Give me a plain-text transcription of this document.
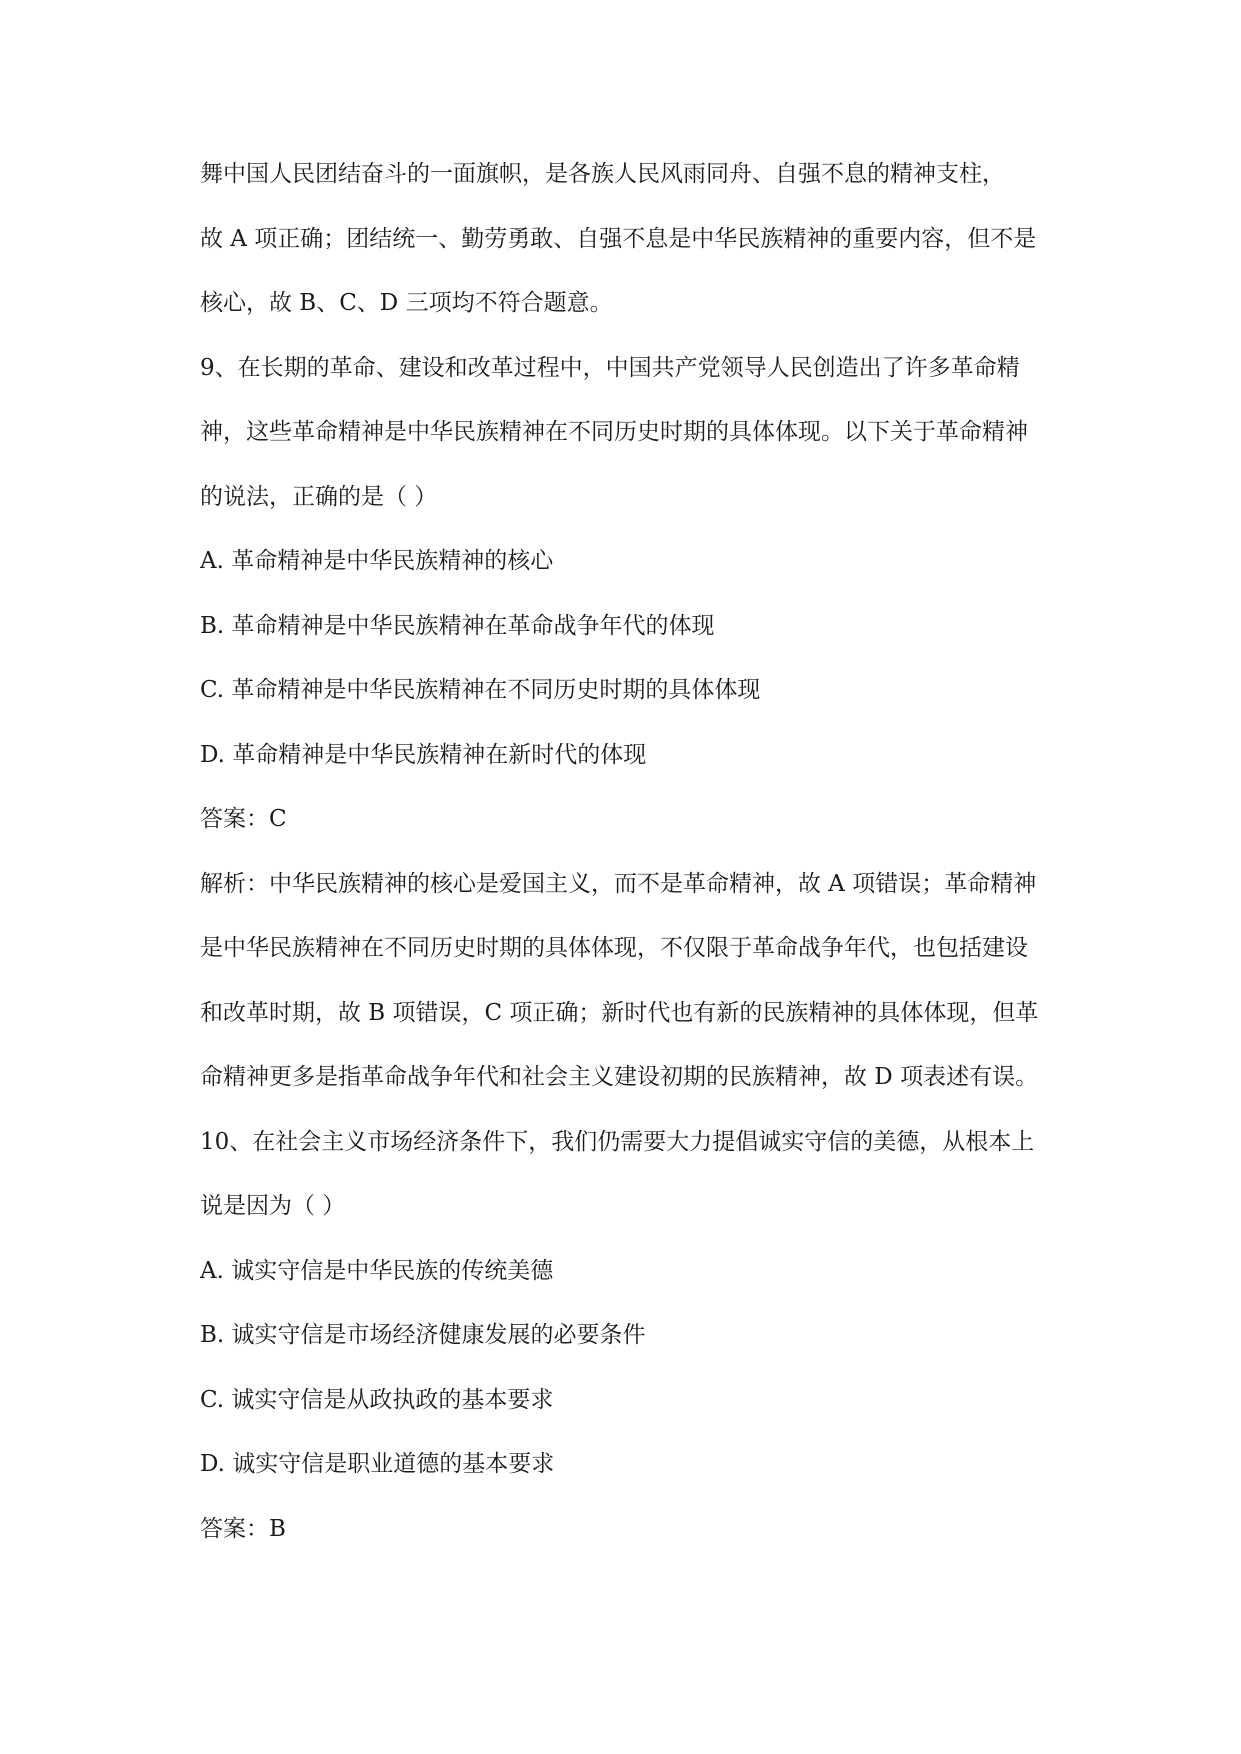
舞中国人民团结奋斗的一面旗帜，是各族人民风雨同舟、自强不息的精神支柱，
故 A 项正确；团结统一、勤劳勇敢、自强不息是中华民族精神的重要内容，但不是
核心，故 B、C、D 三项均不符合题意。
9、在长期的革命、建设和改革过程中，中国共产党领导人民创造出了许多革命精
神，这些革命精神是中华民族精神在不同历史时期的具体体现。以下关于革命精神
的说法，正确的是（ ）
A. 革命精神是中华民族精神的核心
B. 革命精神是中华民族精神在革命战争年代的体现
C. 革命精神是中华民族精神在不同历史时期的具体体现
D. 革命精神是中华民族精神在新时代的体现
答案：C
解析：中华民族精神的核心是爱国主义，而不是革命精神，故 A 项错误；革命精神
是中华民族精神在不同历史时期的具体体现，不仅限于革命战争年代，也包括建设
和改革时期，故 B 项错误，C 项正确；新时代也有新的民族精神的具体体现，但革
命精神更多是指革命战争年代和社会主义建设初期的民族精神，故 D 项表述有误。
10、在社会主义市场经济条件下，我们仍需要大力提倡诚实守信的美德，从根本上
说是因为（ ）
A. 诚实守信是中华民族的传统美德
B. 诚实守信是市场经济健康发展的必要条件
C. 诚实守信是从政执政的基本要求
D. 诚实守信是职业道德的基本要求
答案：B
